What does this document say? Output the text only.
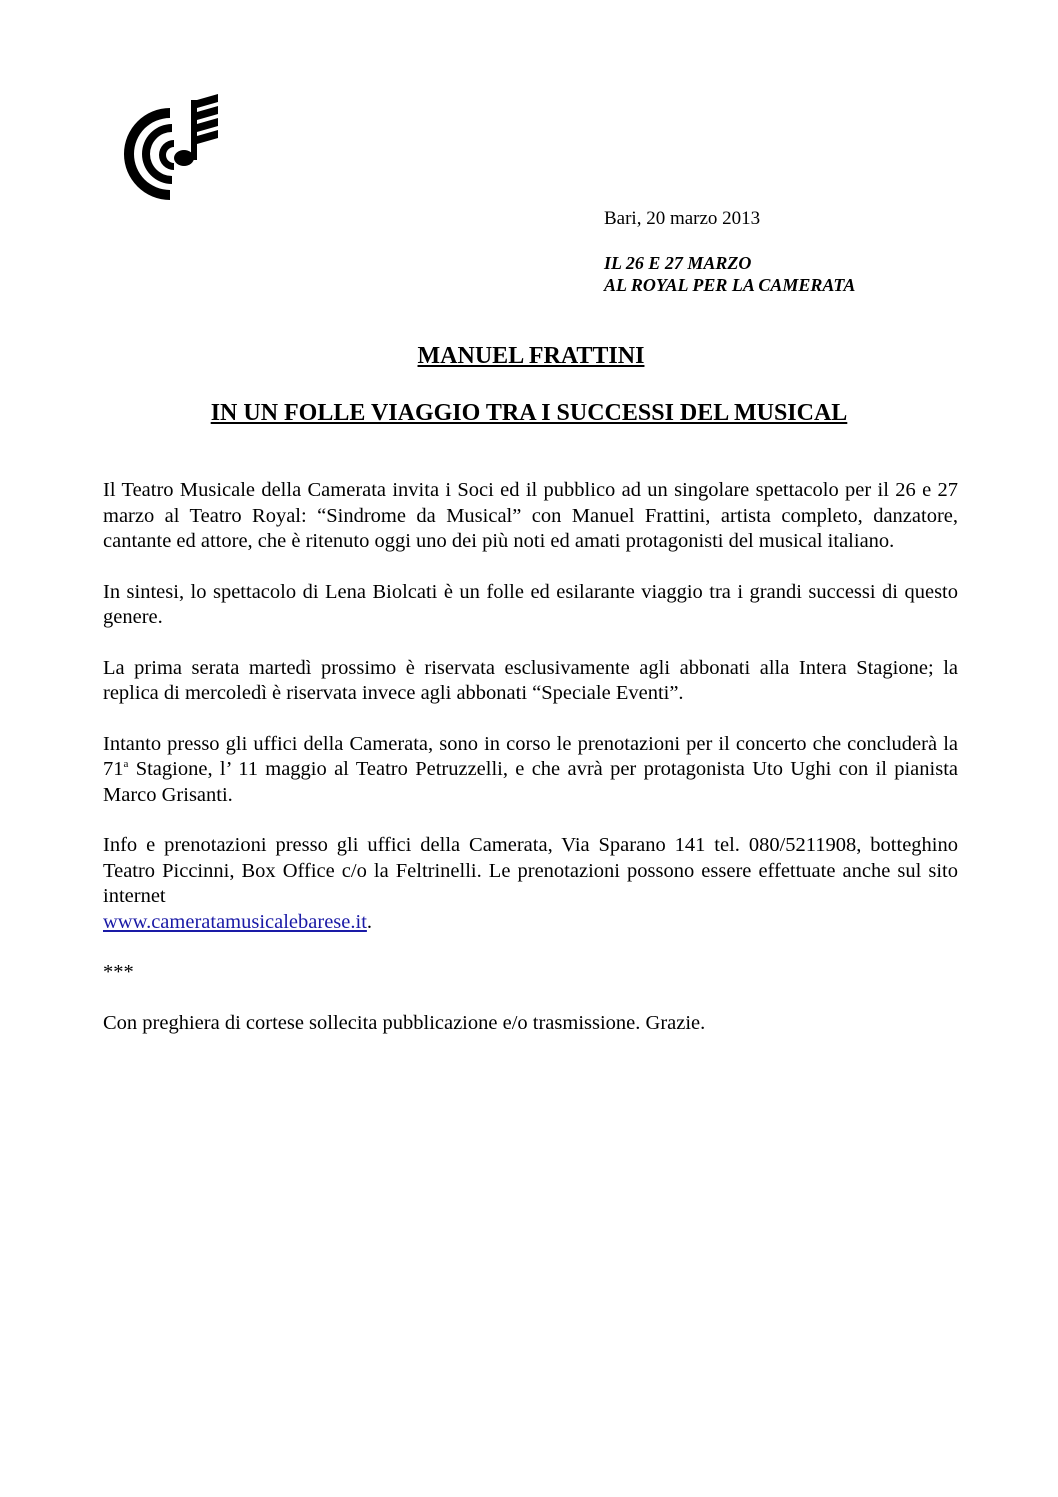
Bari, 20 marzo 2013
IL 26 E 27 MARZO
AL ROYAL PER LA CAMERATA
MANUEL FRATTINI
IN UN FOLLE VIAGGIO TRA I SUCCESSI DEL MUSICAL

Il Teatro Musicale della Camerata invita i Soci ed il pubblico ad un singolare spettacolo per il 26 e 27 marzo al Teatro Royal: “Sindrome da Musical” con Manuel Frattini, artista completo, danzatore, cantante ed attore, che è ritenuto oggi uno dei più noti ed amati protagonisti del musical italiano.

In sintesi, lo spettacolo di Lena Biolcati è un folle ed esilarante viaggio tra i grandi successi di questo genere.

La prima serata martedì prossimo è riservata esclusivamente agli abbonati alla Intera Stagione; la replica di mercoledì è riservata invece agli abbonati “Speciale Eventi”.

Intanto presso gli uffici della Camerata, sono in corso le prenotazioni per il concerto che concluderà la 71$^a$ Stagione, l’ 11 maggio al Teatro Petruzzelli, e che avrà per protagonista Uto Ughi con il pianista Marco Grisanti.

Info e prenotazioni presso gli uffici della Camerata, Via Sparano 141 tel. 080/5211908, botteghino Teatro Piccinni, Box Office c/o la Feltrinelli. Le prenotazioni possono essere effettuate anche sul sito internet
www.cameratamusicalebarese.it.

***

Con preghiera di cortese sollecita pubblicazione e/o trasmissione. Grazie.
